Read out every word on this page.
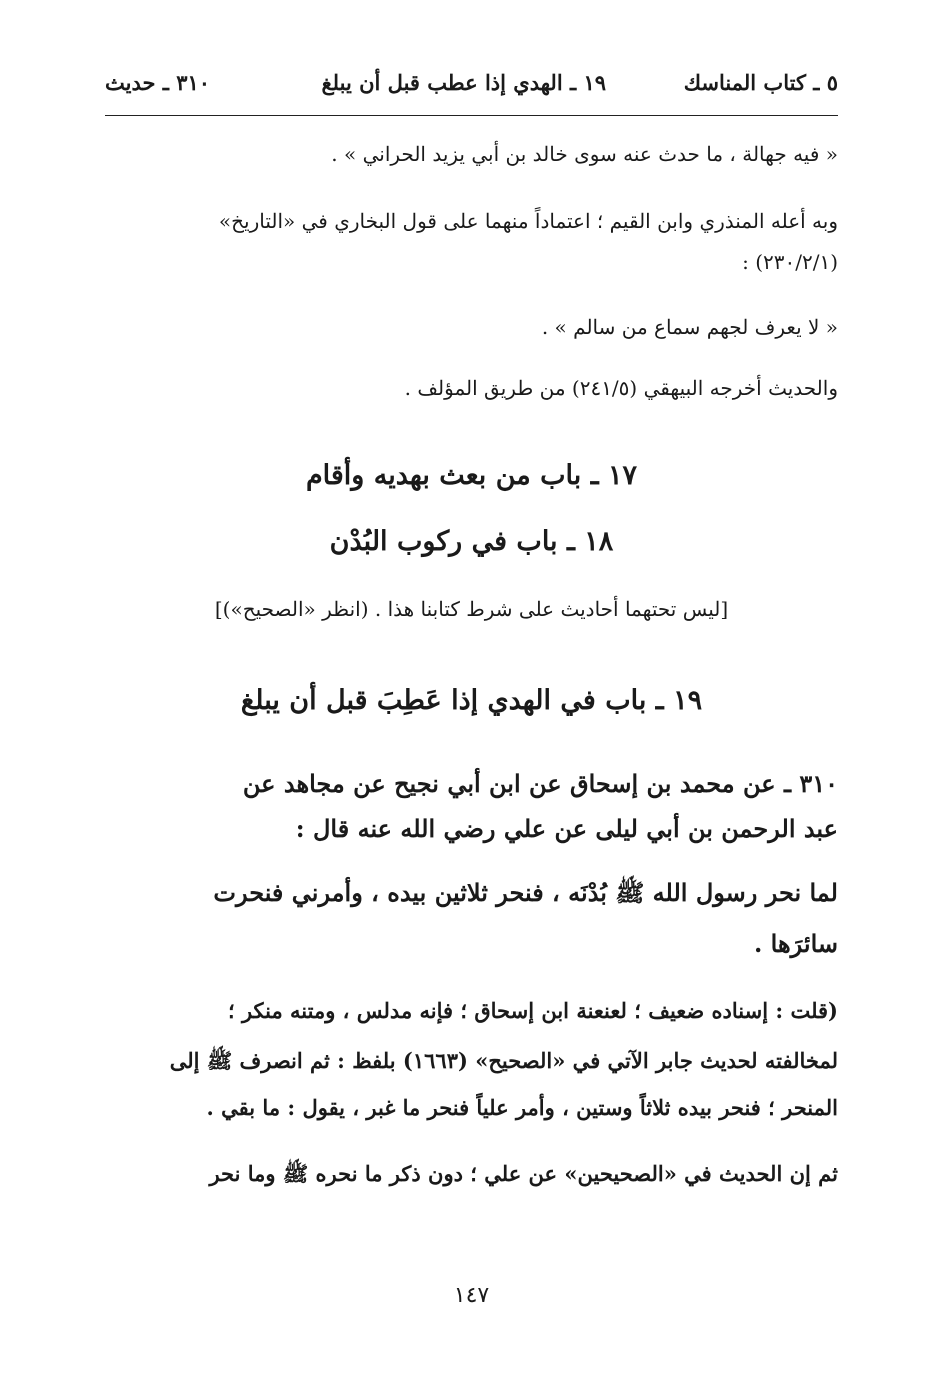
٥ ـ كتاب المناسك
١٩ ـ الهدي إذا عطب قبل أن يبلغ
٣١٠ ـ حديث
« فيه جهالة ، ما حدث عنه سوى خالد بن أبي يزيد الحراني » .
وبه أعله المنذري وابن القيم ؛ اعتماداً منهما على قول البخاري في «التاريخ»
(٢٣٠/٢/١) :
« لا يعرف لجهم سماع من سالم » .
والحديث أخرجه البيهقي (٢٤١/٥) من طريق المؤلف .
١٧ ـ باب من بعث بهديه وأقام
١٨ ـ باب في ركوب البُدْن
[ليس تحتهما أحاديث على شرط كتابنا هذا . (انظر «الصحيح»)]
١٩ ـ باب في الهدي إذا عَطِبَ قبل أن يبلغ
٣١٠ ـ عن محمد بن إسحاق عن ابن أبي نجيح عن مجاهد عن
عبد الرحمن بن أبي ليلى عن علي رضي الله عنه قال :
لما نحر رسول الله ﷺ بُدْنَه ، فنحر ثلاثين بيده ، وأمرني فنحرت
سائرَها .
(قلت : إسناده ضعيف ؛ لعنعنة ابن إسحاق ؛ فإنه مدلس ، ومتنه منكر ؛
لمخالفته لحديث جابر الآتي في «الصحيح» (١٦٦٣) بلفظ : ثم انصرف ﷺ إلى
المنحر ؛ فنحر بيده ثلاثاً وستين ، وأمر علياً فنحر ما غبر ، يقول : ما بقي .
ثم إن الحديث في «الصحيحين» عن علي ؛ دون ذكر ما نحره ﷺ وما نحر
١٤٧
